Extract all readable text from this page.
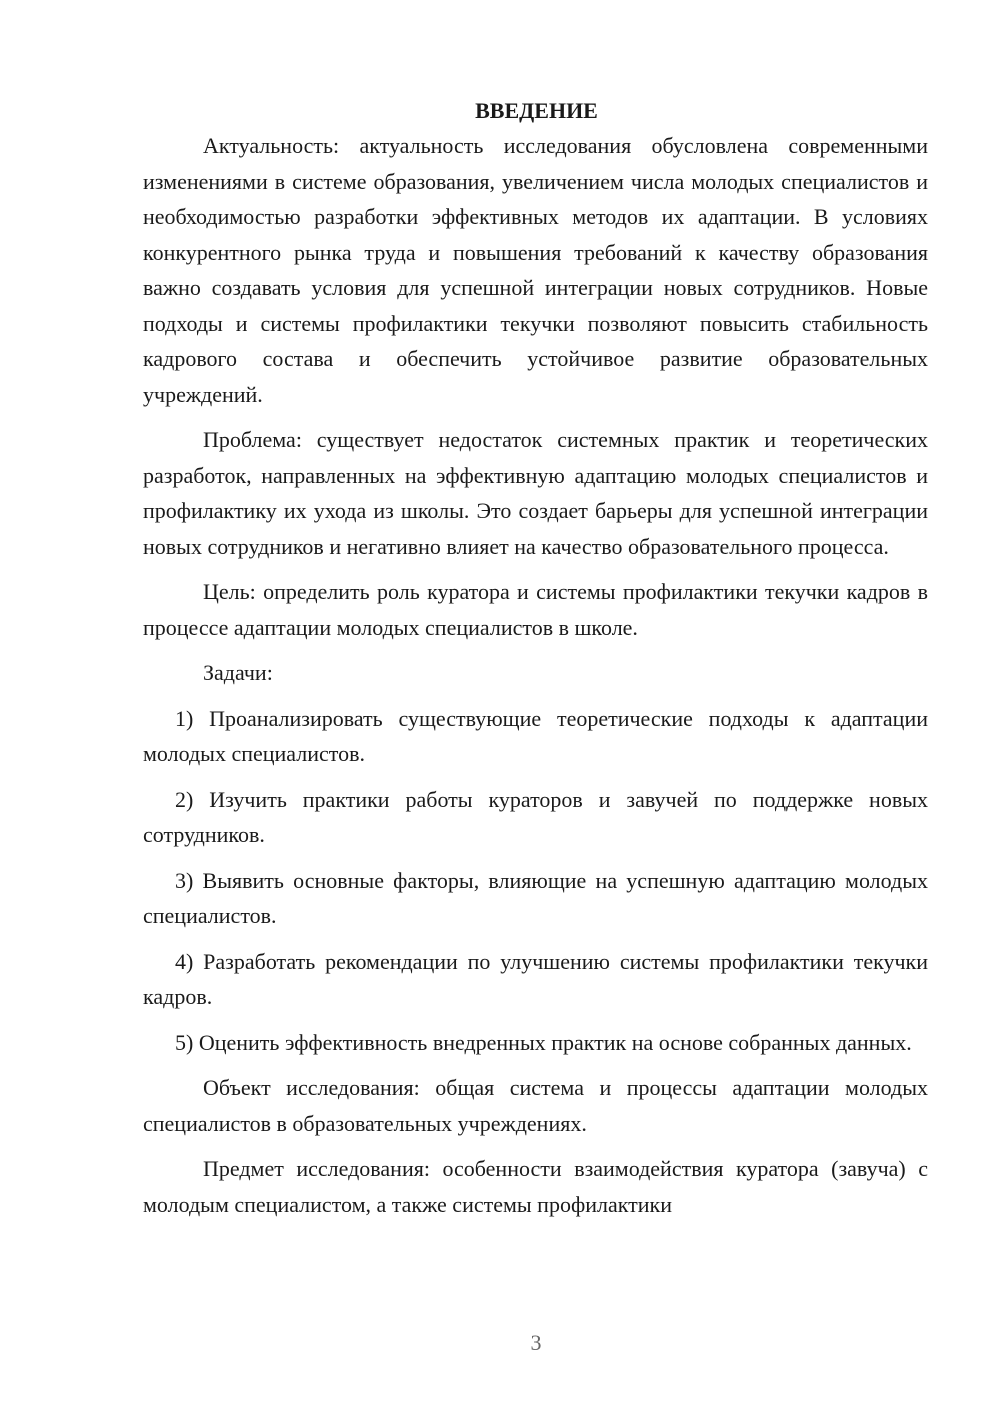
ВВЕДЕНИЕ

Актуальность: актуальность исследования обусловлена современными изменениями в системе образования, увеличением числа молодых специалистов и необходимостью разработки эффективных методов их адаптации. В условиях конкурентного рынка труда и повышения требований к качеству образования важно создавать условия для успешной интеграции новых сотрудников. Новые подходы и системы профилактики текучки позволяют повысить стабильность кадрового состава и обеспечить устойчивое развитие образовательных учреждений.

Проблема: существует недостаток системных практик и теоретических разработок, направленных на эффективную адаптацию молодых специалистов и профилактику их ухода из школы. Это создает барьеры для успешной интеграции новых сотрудников и негативно влияет на качество образовательного процесса.

Цель: определить роль куратора и системы профилактики текучки кадров в процессе адаптации молодых специалистов в школе.

Задачи:

1) Проанализировать существующие теоретические подходы к адаптации молодых специалистов.

2) Изучить практики работы кураторов и завучей по поддержке новых сотрудников.

3) Выявить основные факторы, влияющие на успешную адаптацию молодых специалистов.

4) Разработать рекомендации по улучшению системы профилактики текучки кадров.

5) Оценить эффективность внедренных практик на основе собранных данных.

Объект исследования: общая система и процессы адаптации молодых специалистов в образовательных учреждениях.

Предмет исследования: особенности взаимодействия куратора (завуча) с молодым специалистом, а также системы профилактики

3
